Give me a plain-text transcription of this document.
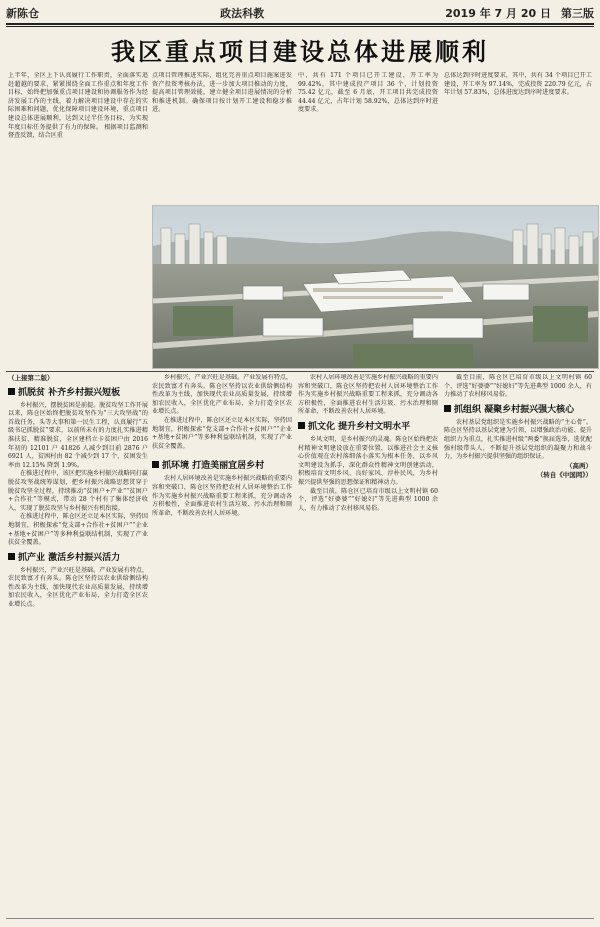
新陈仓	政法科教	2019 年 7 月 20 日 第三版
我区重点项目建设总体进展顺利
上半年，全区上下认真履行工作职责，全面落实追赶超越的要求，紧紧围绕全面工作重点和年度工作目标，始终把加强重点项目建设和协调服务作为经济发展工作的主线，着力解决项目建设中存在的实际困难和问题，优化保障项目建设环境，重点项目建设总体进展顺利，达到又过半任务目标，为实现年度目标任务提供了有力的保障。 根据项目监测和督查反馈，结合区重
点项目管理推进实际，组化完善重点项目施案进发资产投资考核办法，进一步加大项目推动的力度，提高项目管理效能，建立健全项目进展情况的分析和推进机制。确保项目按计划开工建设和稳步推进。
中，共有 171 个项目已开工建设，开工率为 99.42%，其中建成投产项目 36 个，计划投资 75.42 亿元，截至 6 月底，开工项目共完成投资 44.44 亿元，占年计划 58.92%，总体达到序时进度要求。
总体达到序时进度要求，其中，共有 34 个项目已开工建设，开工率为 97.14%，完成投资 220.79 亿元，占年计划 57.83%，总体进度达到序时进度要求。
（上接第二版）
抓脱贫 补齐乡村振兴短板

乡村振兴，摆脱贫困是前提。脱贫攻坚工作开展以来，陈仓区始终把脱贫攻坚作为“三大攻坚战”的首战任务，头等大事和第一民生工程，认真履行“五级书记抓脱贫”要求，以前所未有的力度扎实推进精准扶贫、精准脱贫，全区建档立卡贫困户由 2016 年初的 12101 户 41826 人减少到目前 2876 户 6921 人，贫困村由 82 个减少到 17 个，贫困发生率由 12.15% 降到 1.9%。

在推进过程中，该区把实施乡村振兴战略同打赢脱贫攻坚战统筹谋划，把乡村振兴战略思想贯穿于脱贫攻坚全过程，持续推动“贫困户+产业”“贫困户+合作社”等模式，带动 28 个村有了集体经济收入，实现了脱贫攻坚与乡村振兴有机衔接。

在推进过程中，陈仓区还立足本区实际，坚持因地制宜，积极探索“党支部+合作社+贫困户”“企业+基地+贫困户”等多种利益联结机制，实现了产业扶贫全覆盖。

抓产业 激活乡村振兴活力

乡村振兴，产业兴旺是基础。产业发展有特点，农民致富才有奔头。陈仓区坚持以农业供给侧结构性改革为主线，加快现代农业高质量发展，持续增加农民收入，全区优化产业布局，全力打造全区农业增长点。

乡村振兴，产业兴旺是基础。产业发展有特点，农民致富才有奔头。陈仓区坚持以农业供给侧结构性改革为主线，加快现代农业高质量发展，持续增加农民收入，全区优化产业布局，全力打造全区农业增长点。

在推进过程中，陈仓区还立足本区实际，坚持因地制宜，积极探索“党支部+合作社+贫困户”“企业+基地+贫困户”等多种利益联结机制，实现了产业扶贫全覆盖。

抓环境 打造美丽宜居乡村

农村人居环境改善是实施乡村振兴战略的重要内容和突破口，陈仓区坚持把农村人居环境整治工作作为实施乡村振兴战略重要工程来抓，充分调动各方积极性，全面推进农村生活垃圾、污水治理和厕所革命，不断改善农村人居环境。

农村人居环境改善是实施乡村振兴战略的重要内容和突破口，陈仓区坚持把农村人居环境整治工作作为实施乡村振兴战略重要工程来抓，充分调动各方积极性，全面推进农村生活垃圾、污水治理和厕所革命，不断改善农村人居环境。

抓文化 提升乡村文明水平

乡风文明，是乡村振兴的灵魂。陈仓区始终把农村精神文明建设放在重要位置，以推进社会主义核心价值观在农村落细落小落实为根本任务，以乡风文明建设为抓手，深化群众性精神文明创建活动，积极培育文明乡风、良好家风、淳朴民风，为乡村振兴提供坚强的思想保证和精神动力。

截至目前，陈仓区已培育市级以上文明村镇 60 个，评选“好婆婆”“好媳妇”等先进典型 1000 余人，有力推动了农村移风易俗。

截至目前，陈仓区已培育市级以上文明村镇 60 个，评选“好婆婆”“好媳妇”等先进典型 1000 余人，有力推动了农村移风易俗。

抓组织 凝聚乡村振兴强大核心

农村基层党组织是实施乡村振兴战略的“主心骨”。陈仓区坚持以基层党建为引领，以增强政治功能、提升组织力为重点，扎实推进村级“两委”换届选举，选优配强村级带头人，不断提升基层党组织的凝聚力和战斗力，为乡村振兴提供坚强的组织保证。

（高两）
（转自《中国网》）
